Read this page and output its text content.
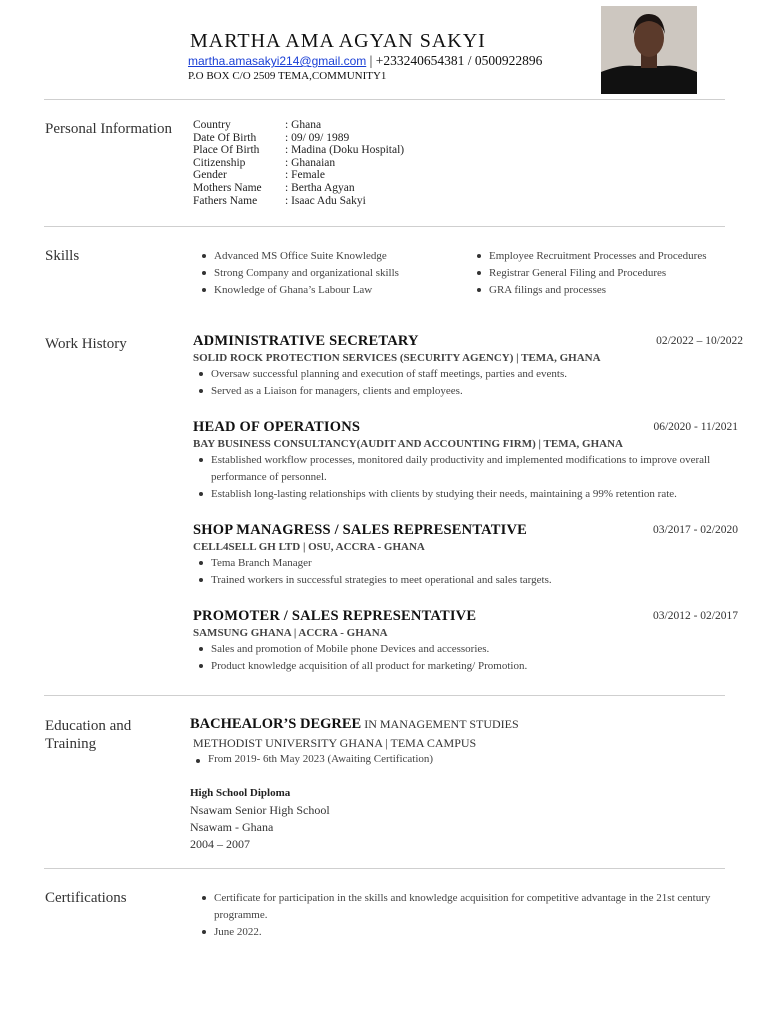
MARTHA AMA AGYAN SAKYI
martha.amasakyi214@gmail.com | +233240654381 / 0500922896
P.O BOX C/O 2509 TEMA,COMMUNITY1
Personal Information Country	: Ghana
Date Of Birth	: 09/ 09/ 1989
Place Of Birth	: Madina (Doku Hospital)
Citizenship	: Ghanaian
Gender	: Female
Mothers Name	: Bertha Agyan
Fathers Name	: Isaac Adu Sakyi
Skills	Advanced MS Office Suite Knowledge
Strong Company and organizational skills
Knowledge of Ghana’s Labour Law
Employee Recruitment Processes and Procedures
Registrar General Filing and Procedures
GRA filings and processes
Work History	ADMINISTRATIVE SECRETARY	02/2022 – 10/2022
SOLID ROCK PROTECTION SERVICES (SECURITY AGENCY) | TEMA, GHANA
Oversaw successful planning and execution of staff meetings, parties and events.
Served as a Liaison for managers, clients and employees.
HEAD OF OPERATIONS	06/2020 - 11/2021
BAY BUSINESS CONSULTANCY(AUDIT AND ACCOUNTING FIRM) | TEMA, GHANA
Established workflow processes, monitored daily productivity and implemented modifications to improve overall performance of personnel.
Establish long-lasting relationships with clients by studying their needs, maintaining a 99% retention rate.
SHOP MANAGRESS / SALES REPRESENTATIVE	03/2017 - 02/2020
CELL4SELL GH LTD | OSU, ACCRA - GHANA
Tema Branch Manager
Trained workers in successful strategies to meet operational and sales targets.
PROMOTER / SALES REPRESENTATIVE	03/2012 - 02/2017
SAMSUNG GHANA | ACCRA - GHANA
Sales and promotion of Mobile phone Devices and accessories.
Product knowledge acquisition of all product for marketing/ Promotion.
Education and Training
BACHEALOR’S DEGREE IN MANAGEMENT STUDIES
METHODIST UNIVERSITY GHANA | TEMA CAMPUS
From 2019- 6th May 2023 (Awaiting Certification)
High School Diploma
Nsawam Senior High School
Nsawam - Ghana
2004 – 2007
Certifications	Certificate for participation in the skills and knowledge acquisition for competitive advantage in the 21st century programme.
June 2022.
